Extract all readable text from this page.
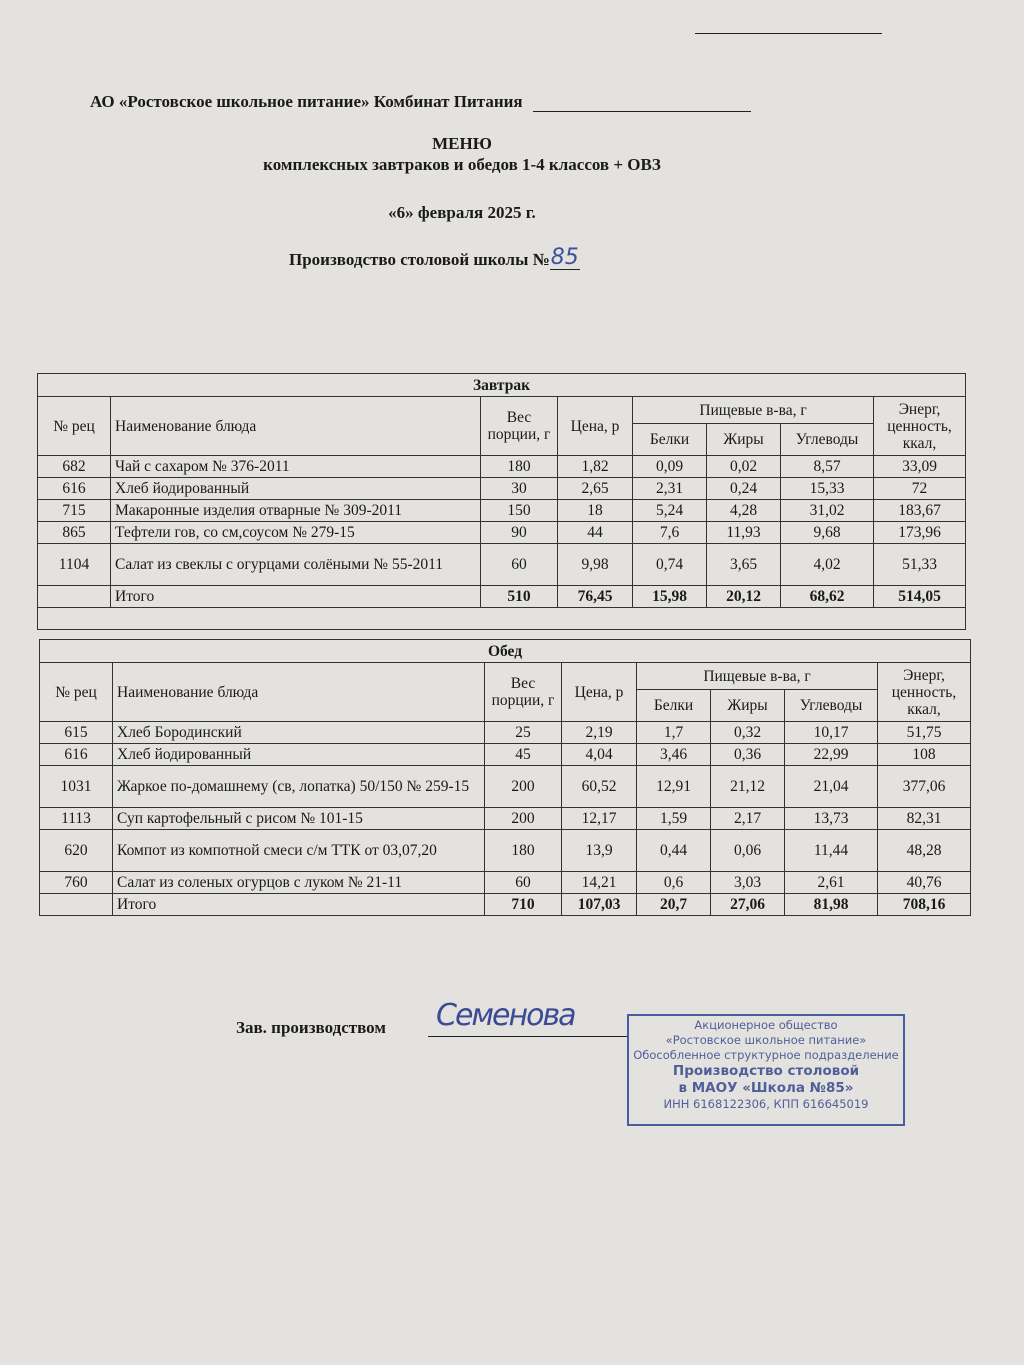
АО «Ростовское школьное питание» Комбинат Питания
МЕНЮ
комплексных завтраков и обедов 1-4 классов + ОВЗ
«6» февраля 2025 г.
Производство столовой школы №85
Завтрак							
№ рец	Наименование блюда	Вес порции, г	Цена, р	Пищевые в-ва, г			Энерг, ценность, ккал,
				Белки	Жиры	Углеводы	
682	Чай с сахаром № 376-2011	180	1,82	0,09	0,02	8,57	33,09
616	Хлеб йодированный	30	2,65	2,31	0,24	15,33	72
715	Макаронные изделия отварные № 309-2011	150	18	5,24	4,28	31,02	183,67
865	Тефтели гов, со см,соусом № 279-15	90	44	7,6	11,93	9,68	173,96
1104	Салат из свеклы с огурцами солёными № 55-2011	60	9,98	0,74	3,65	4,02	51,33
	Итого	510	76,45	15,98	20,12	68,62	514,05

Обед							
№ рец	Наименование блюда	Вес порции, г	Цена, р	Пищевые в-ва, г			Энерг, ценность, ккал,
				Белки	Жиры	Углеводы	
615	Хлеб Бородинский	25	2,19	1,7	0,32	10,17	51,75
616	Хлеб йодированный	45	4,04	3,46	0,36	22,99	108
1031	Жаркое по-домашнему (св, лопатка) 50/150 № 259-15	200	60,52	12,91	21,12	21,04	377,06
1113	Суп картофельный с рисом № 101-15	200	12,17	1,59	2,17	13,73	82,31
620	Компот из компотной смеси с/м ТТК от 03,07,20	180	13,9	0,44	0,06	11,44	48,28
760	Салат из соленых огурцов с луком № 21-11	60	14,21	0,6	3,03	2,61	40,76
	Итого	710	107,03	20,7	27,06	81,98	708,16
Зав. производством Семенова	Акционерное общество
«Ростовское школьное питание»
Обособленное структурное подразделение
Производство столовой
в МАОУ «Школа №85»
ИНН 6168122306, КПП 616645019
